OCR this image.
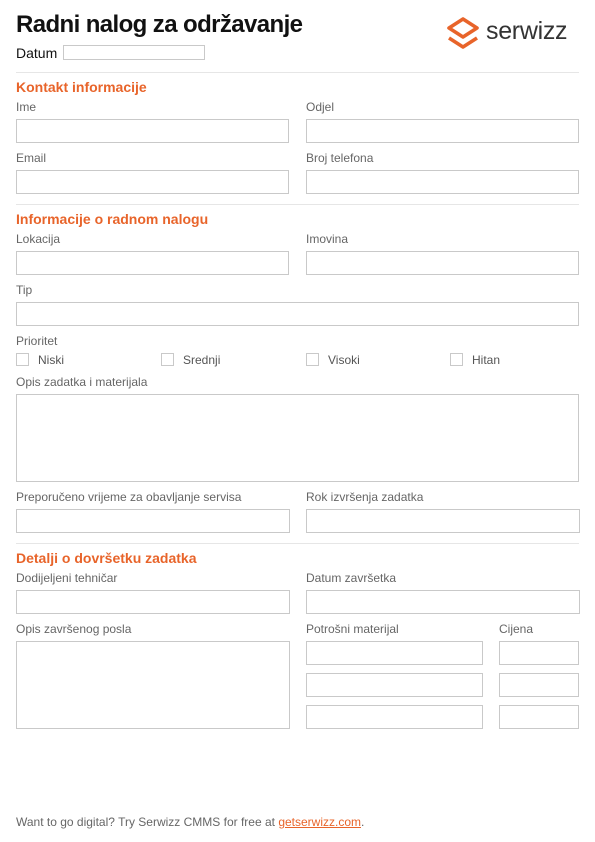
Radni nalog za održavanje
Datum
serwizz
Kontakt informacije
Ime	Odjel
Email	Broj telefona
Informacije o radnom nalogu
Lokacija	Imovina
Tip
Prioritet
Niski	Srednji	Visoki	Hitan
Opis zadatka i materijala
Preporučeno vrijeme za obavljanje servisa	Rok izvršenja zadatka
Detalji o dovršetku zadatka
Dodijeljeni tehničar	Datum završetka
Opis završenog posla	Potrošni materijal	Cijena
Want to go digital? Try Serwizz CMMS for free at getserwizz.com.
